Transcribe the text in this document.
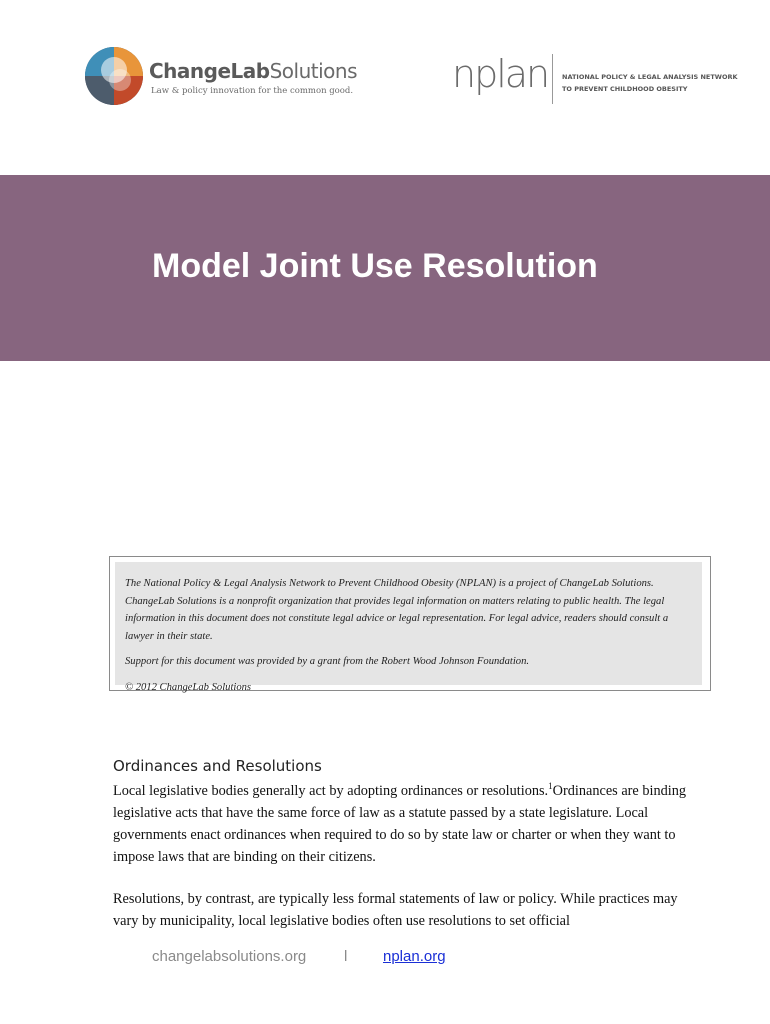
ChangeLabSolutions
Law & policy innovation for the common good.	nplan NATIONAL POLICY & LEGAL ANALYSIS NETWORK
TO PREVENT CHILDHOOD OBESITY
Model Joint Use Resolution

The National Policy & Legal Analysis Network to Prevent Childhood Obesity (NPLAN) is a project of ChangeLab Solutions. ChangeLab Solutions is a nonprofit organization that provides legal information on matters relating to public health. The legal information in this document does not constitute legal advice or legal representation. For legal advice, readers should consult a lawyer in their state.

Support for this document was provided by a grant from the Robert Wood Johnson Foundation.

© 2012 ChangeLab Solutions

Ordinances and Resolutions

Local legislative bodies generally act by adopting ordinances or resolutions.$^1$Ordinances are binding legislative acts that have the same force of law as a statute passed by a state legislature. Local governments enact ordinances when required to do so by state law or charter or when they want to impose laws that are binding on their citizens.

Resolutions, by contrast, are typically less formal statements of law or policy. While practices may vary by municipality, local legislative bodies often use resolutions to set official

changelabsolutions.org	l nplan.org
